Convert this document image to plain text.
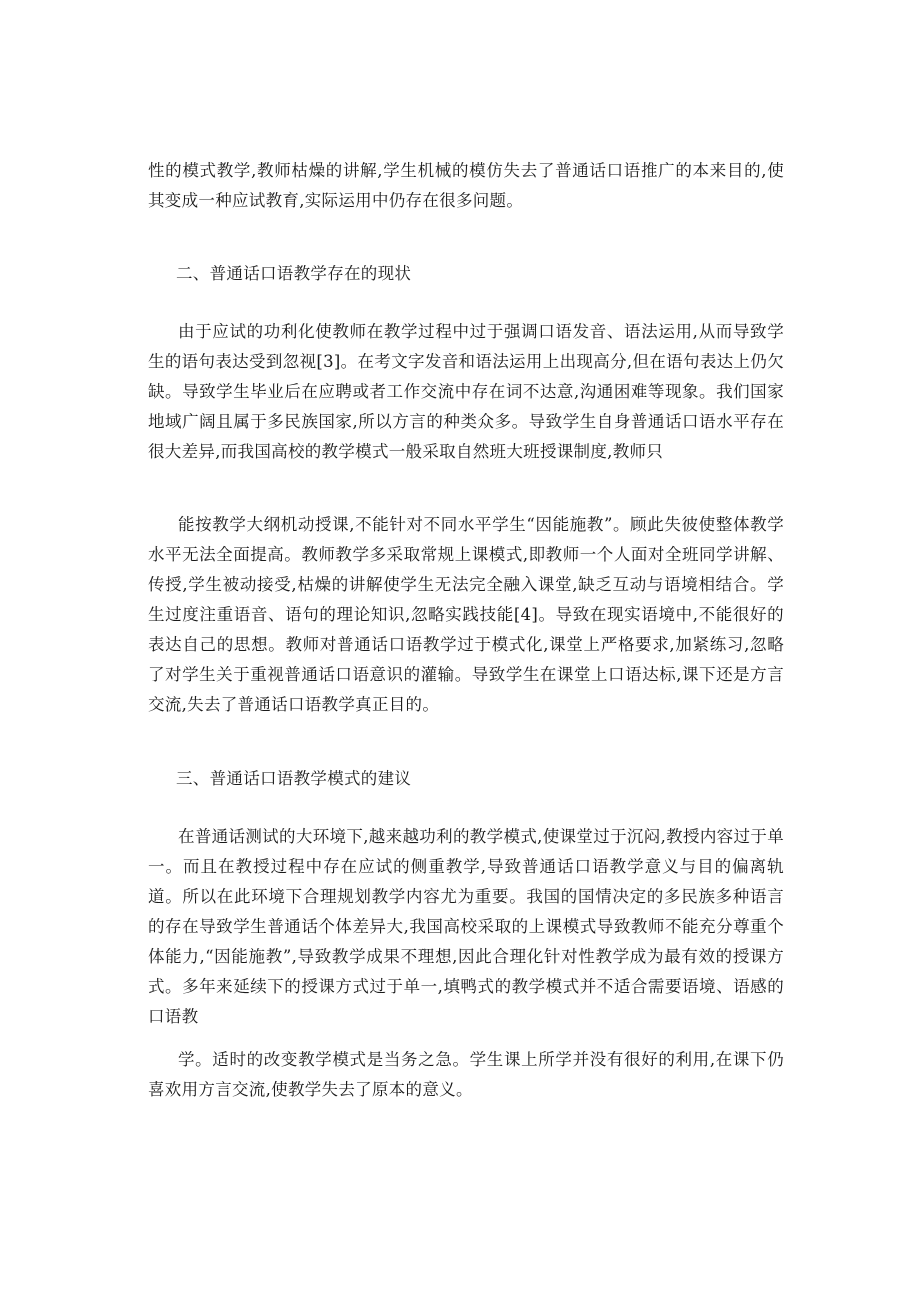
性的模式教学,教师枯燥的讲解,学生机械的模仿失去了普通话口语推广的本来目的,使其变成一种应试教育,实际运用中仍存在很多问题。

二、普通话口语教学存在的现状

由于应试的功利化使教师在教学过程中过于强调口语发音、语法运用,从而导致学生的语句表达受到忽视[3]。在考文字发音和语法运用上出现高分,但在语句表达上仍欠缺。导致学生毕业后在应聘或者工作交流中存在词不达意,沟通困难等现象。我们国家地域广阔且属于多民族国家,所以方言的种类众多。导致学生自身普通话口语水平存在很大差异,而我国高校的教学模式一般采取自然班大班授课制度,教师只

能按教学大纲机动授课,不能针对不同水平学生“因能施教”。顾此失彼使整体教学水平无法全面提高。教师教学多采取常规上课模式,即教师一个人面对全班同学讲解、传授,学生被动接受,枯燥的讲解使学生无法完全融入课堂,缺乏互动与语境相结合。学生过度注重语音、语句的理论知识,忽略实践技能[4]。导致在现实语境中,不能很好的表达自己的思想。教师对普通话口语教学过于模式化,课堂上严格要求,加紧练习,忽略了对学生关于重视普通话口语意识的灌输。导致学生在课堂上口语达标,课下还是方言交流,失去了普通话口语教学真正目的。

三、普通话口语教学模式的建议

在普通话测试的大环境下,越来越功利的教学模式,使课堂过于沉闷,教授内容过于单一。而且在教授过程中存在应试的侧重教学,导致普通话口语教学意义与目的偏离轨道。所以在此环境下合理规划教学内容尤为重要。我国的国情决定的多民族多种语言的存在导致学生普通话个体差异大,我国高校采取的上课模式导致教师不能充分尊重个体能力,“因能施教”,导致教学成果不理想,因此合理化针对性教学成为最有效的授课方式。多年来延续下的授课方式过于单一,填鸭式的教学模式并不适合需要语境、语感的口语教

学。适时的改变教学模式是当务之急。学生课上所学并没有很好的利用,在课下仍喜欢用方言交流,使教学失去了原本的意义。
